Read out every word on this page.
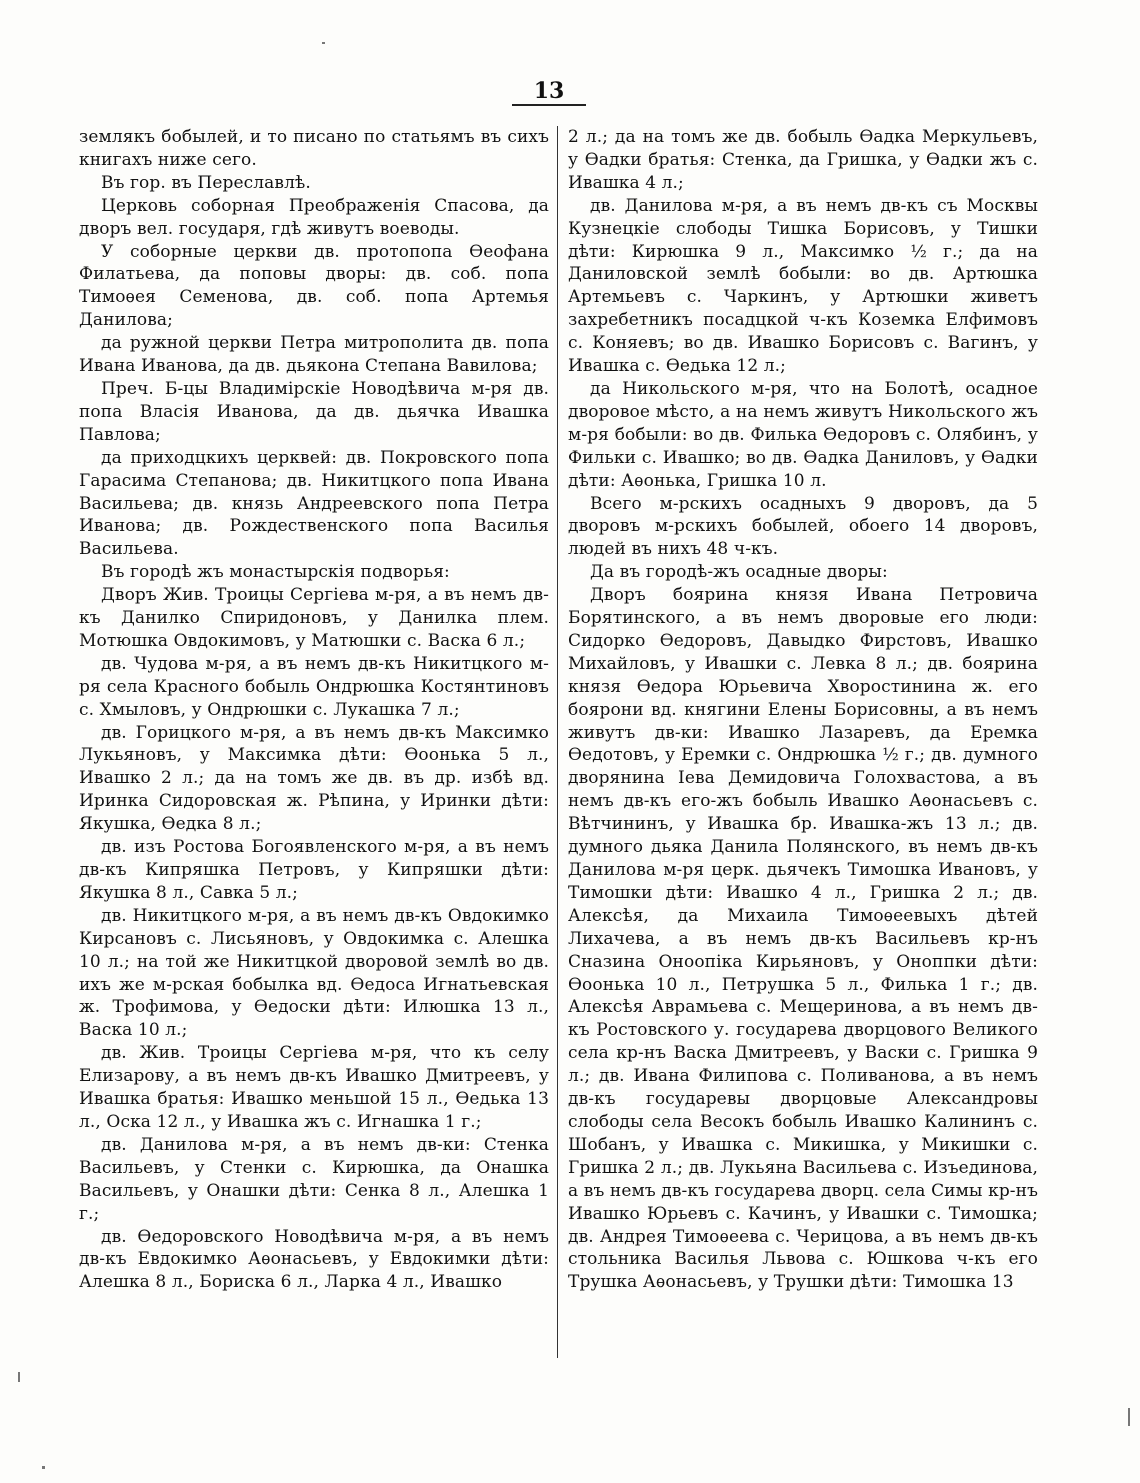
13

землякъ бобылей, и то писано по статьямъ въ сихъ книгахъ ниже сего.

Въ гор. въ Переславлѣ.

Церковь соборная Преображенія Спасова, да дворъ вел. государя, гдѣ живутъ воеводы.

У соборные церкви дв. протопопа Ѳеофана Филатьева, да поповы дворы: дв. соб. попа Тимоѳея Семенова, дв. соб. попа Артемья Данилова;

да ружной церкви Петра митрополита дв. попа Ивана Иванова, да дв. дьякона Степана Вавилова;

Преч. Б-цы Владимірскіе Новодѣвича м-ря дв. попа Власія Иванова, да дв. дьячка Ивашка Павлова;

да приходцкихъ церквей: дв. Покровского попа Гарасима Степанова; дв. Никитцкого попа Ивана Васильева; дв. князь Андреевского попа Петра Иванова; дв. Рождественского попа Василья Васильева.

Въ городѣ жъ монастырскія подворья:

Дворъ Жив. Троицы Сергіева м-ря, а въ немъ дв-къ Данилко Спиридоновъ, у Данилка плем. Мотюшка Овдокимовъ, у Матюшки с. Васка 6 л.;

дв. Чудова м-ря, а въ немъ дв-къ Никитцкого м-ря села Красного бобыль Ондрюшка Костянтиновъ с. Хмыловъ, у Ондрюшки с. Лукашка 7 л.;

дв. Горицкого м-ря, а въ немъ дв-къ Максимко Лукьяновъ, у Максимка дѣти: Ѳоонька 5 л., Ивашко 2 л.; да на томъ же дв. въ др. избѣ вд. Иринка Сидоровская ж. Рѣпина, у Иринки дѣти: Якушка, Ѳедка 8 л.;

дв. изъ Ростова Богоявленского м-ря, а въ немъ дв-къ Кипряшка Петровъ, у Кипряшки дѣти: Якушка 8 л., Савка 5 л.;

дв. Никитцкого м-ря, а въ немъ дв-къ Овдокимко Кирсановъ с. Лисьяновъ, у Овдокимка с. Алешка 10 л.; на той же Никитцкой дворовой землѣ во дв. ихъ же м-рская бобылка вд. Ѳедоса Игнатьевская ж. Трофимова, у Ѳедоски дѣти: Илюшка 13 л., Васка 10 л.;

дв. Жив. Троицы Сергіева м-ря, что къ селу Елизарову, а въ немъ дв-къ Ивашко Дмитреевъ, у Ивашка братья: Ивашко меньшой 15 л., Ѳедька 13 л., Оска 12 л., у Ивашка жъ с. Игнашка 1 г.;

дв. Данилова м-ря, а въ немъ дв-ки: Стенка Васильевъ, у Стенки с. Кирюшка, да Онашка Васильевъ, у Онашки дѣти: Сенка 8 л., Алешка 1 г.;

дв. Ѳедоровского Новодѣвича м-ря, а въ немъ дв-къ Евдокимко Аѳонасьевъ, у Евдокимки дѣти: Алешка 8 л., Бориска 6 л., Ларка 4 л., Ивашко

2 л.; да на томъ же дв. бобыль Ѳадка Меркульевъ, у Ѳадки братья: Стенка, да Гришка, у Ѳадки жъ с. Ивашка 4 л.;

дв. Данилова м-ря, а въ немъ дв-къ съ Москвы Кузнецкіе слободы Тишка Борисовъ, у Тишки дѣти: Кирюшка 9 л., Максимко ½ г.; да на Даниловской землѣ бобыли: во дв. Артюшка Артемьевъ с. Чаркинъ, у Артюшки живетъ захребетникъ посадцкой ч-къ Коземка Елфимовъ с. Коняевъ; во дв. Ивашко Борисовъ с. Вагинъ, у Ивашка с. Ѳедька 12 л.;

да Никольского м-ря, что на Болотѣ, осадное дворовое мѣсто, а на немъ живутъ Никольского жъ м-ря бобыли: во дв. Филька Ѳедоровъ с. Олябинъ, у Фильки с. Ивашко; во дв. Ѳадка Даниловъ, у Ѳадки дѣти: Аѳонька, Гришка 10 л.

Всего м-рскихъ осадныхъ 9 дворовъ, да 5 дворовъ м-рскихъ бобылей, обоего 14 дворовъ, людей въ нихъ 48 ч-къ.

Да въ городѣ-жъ осадные дворы:

Дворъ боярина князя Ивана Петровича Борятинского, а въ немъ дворовые его люди: Сидорко Ѳедоровъ, Давыдко Фирстовъ, Ивашко Михайловъ, у Ивашки с. Левка 8 л.; дв. боярина князя Ѳедора Юрьевича Хворостинина ж. его боярони вд. княгини Елены Борисовны, а въ немъ живутъ дв-ки: Ивашко Лазаревъ, да Еремка Ѳедотовъ, у Еремки с. Ондрюшка ½ г.; дв. думного дворянина Іева Демидовича Голохвастова, а въ немъ дв-къ его-жъ бобыль Ивашко Аѳонасьевъ с. Вѣтчининъ, у Ивашка бр. Ивашка-жъ 13 л.; дв. думного дьяка Данила Полянского, въ немъ дв-къ Данилова м-ря церк. дьячекъ Тимошка Ивановъ, у Тимошки дѣти: Ивашко 4 л., Гришка 2 л.; дв. Алексѣя, да Михаила Тимоѳеевыхъ дѣтей Лихачева, а въ немъ дв-къ Васильевъ кр-нъ Сназина Оноопіка Кирьяновъ, у Оноппки дѣти: Ѳоонька 10 л., Петрушка 5 л., Филька 1 г.; дв. Алексѣя Аврамьева с. Мещеринова, а въ немъ дв-къ Ростовского у. государева дворцового Великого села кр-нъ Васка Дмитреевъ, у Васки с. Гришка 9 л.; дв. Ивана Филипова с. Поливанова, а въ немъ дв-къ государевы дворцовые Александровы слободы села Весокъ бобыль Ивашко Калининъ с. Шобанъ, у Ивашка с. Микишка, у Микишки с. Гришка 2 л.; дв. Лукьяна Васильева с. Изъединова, а въ немъ дв-къ государева дворц. села Симы кр-нъ Ивашко Юрьевъ с. Качинъ, у Ивашки с. Тимошка; дв. Андрея Тимоѳеева с. Черицова, а въ немъ дв-къ стольника Василья Львова с. Юшкова ч-къ его Трушка Аѳонасьевъ, у Трушки дѣти: Тимошка 13
